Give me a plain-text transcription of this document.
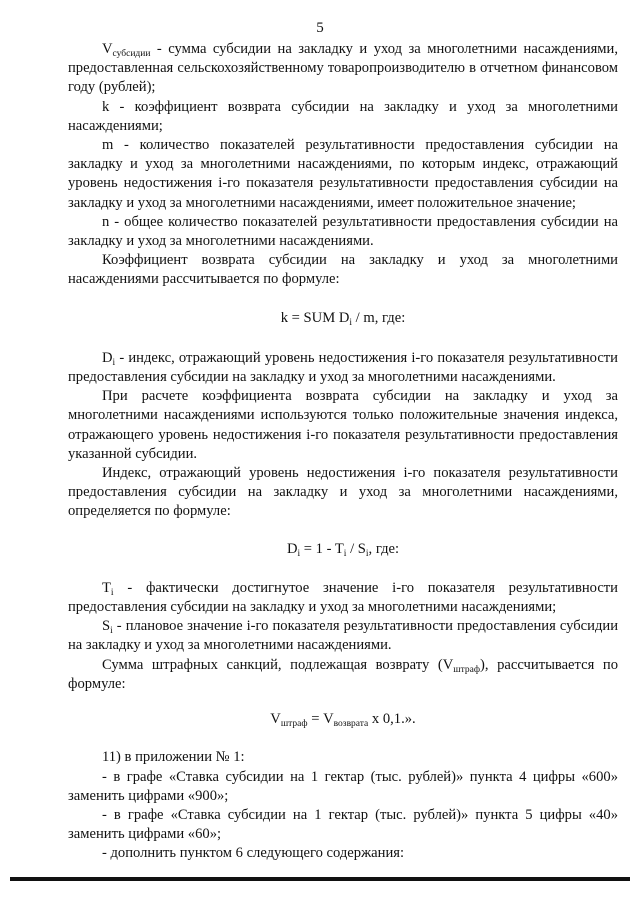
5

$V_{субсидии}$ - сумма субсидии на закладку и уход за многолетними насаждениями, предоставленная сельскохозяйственному товаропроизводителю в отчетном финансовом году (рублей);

k - коэффициент возврата субсидии на закладку и уход за многолетними насаждениями;

m - количество показателей результативности предоставления субсидии на закладку и уход за многолетними насаждениями, по которым индекс, отражающий уровень недостижения i-го показателя результативности предоставления субсидии на закладку и уход за многолетними насаждениями, имеет положительное значение;

n - общее количество показателей результативности предоставления субсидии на закладку и уход за многолетними насаждениями.

Коэффициент возврата субсидии на закладку и уход за многолетними насаждениями рассчитывается по формуле:

k = SUM $D_i$ / m, где:

$D_i$ - индекс, отражающий уровень недостижения i-го показателя результативности предоставления субсидии на закладку и уход за многолетними насаждениями.

При расчете коэффициента возврата субсидии на закладку и уход за многолетними насаждениями используются только положительные значения индекса, отражающего уровень недостижения i-го показателя результативности предоставления указанной субсидии.

Индекс, отражающий уровень недостижения i-го показателя результативности предоставления субсидии на закладку и уход за многолетними насаждениями, определяется по формуле:

$D_i = 1 - T_i / S_i$, где:

$T_i$ - фактически достигнутое значение i-го показателя результативности предоставления субсидии на закладку и уход за многолетними насаждениями;

$S_i$ - плановое значение i-го показателя результативности предоставления субсидии на закладку и уход за многолетними насаждениями.

Сумма штрафных санкций, подлежащая возврату $(V_{штраф})$, рассчитывается по формуле:

$V_{штраф} = V_{возврата}$ x 0,1.».

11) в приложении № 1:

- в графе «Ставка субсидии на 1 гектар (тыс. рублей)» пункта 4 цифры «600» заменить цифрами «900»;

- в графе «Ставка субсидии на 1 гектар (тыс. рублей)» пункта 5 цифры «40» заменить цифрами «60»;

- дополнить пунктом 6 следующего содержания:
